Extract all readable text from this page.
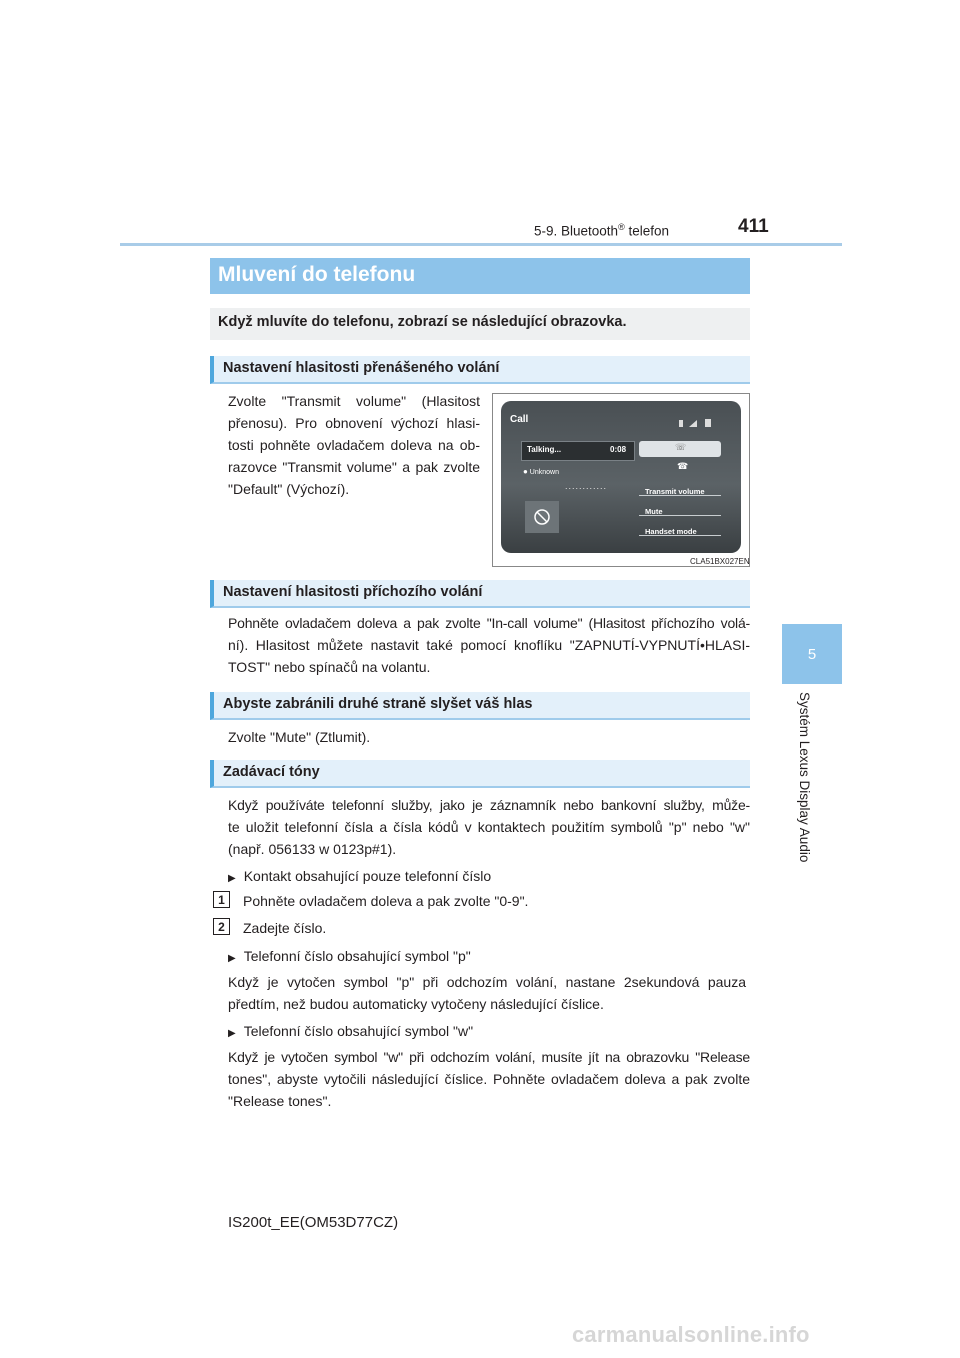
5-9. Bluetooth® telefon	411
5
Systém Lexus Display Audio
Mluvení do telefonu
Když mluvíte do telefonu, zobrazí se následující obrazovka.
Nastavení hlasitosti přenášeného volání
Zvolte "Transmit volume" (Hlasitost
přenosu). Pro obnovení výchozí hlasi-
tosti pohněte ovladačem doleva na ob-
razovce "Transmit volume" a pak zvolte
"Default" (Výchozí).
Call
Talking...	0:08
● Unknown
............
☏
☎
Transmit volume
Mute
Handset mode
CLA51BX027EN
Nastavení hlasitosti příchozího volání
Pohněte ovladačem doleva a pak zvolte "In-call volume" (Hlasitost příchozího volá-
ní). Hlasitost můžete nastavit také pomocí knoflíku "ZAPNUTÍ-VYPNUTÍ•HLASI-
TOST" nebo spínačů na volantu.
Abyste zabránili druhé straně slyšet váš hlas
Zvolte "Mute" (Ztlumit).
Zadávací tóny
Když používáte telefonní služby, jako je záznamník nebo bankovní služby, může-
te uložit telefonní čísla a čísla kódů v kontaktech použitím symbolů "p" nebo "w"
(např. 056133 w 0123p#1).
▶ Kontakt obsahující pouze telefonní číslo
1	Pohněte ovladačem doleva a pak zvolte "0-9".
2	Zadejte číslo.
▶ Telefonní číslo obsahující symbol "p"
Když je vytočen symbol "p" při odchozím volání, nastane 2sekundová pauza
předtím, než budou automaticky vytočeny následující číslice.
▶ Telefonní číslo obsahující symbol "w"
Když je vytočen symbol "w" při odchozím volání, musíte jít na obrazovku "Release
tones", abyste vytočili následující číslice. Pohněte ovladačem doleva a pak zvolte
"Release tones".
IS200t_EE(OM53D77CZ)
carmanualsonline.info
